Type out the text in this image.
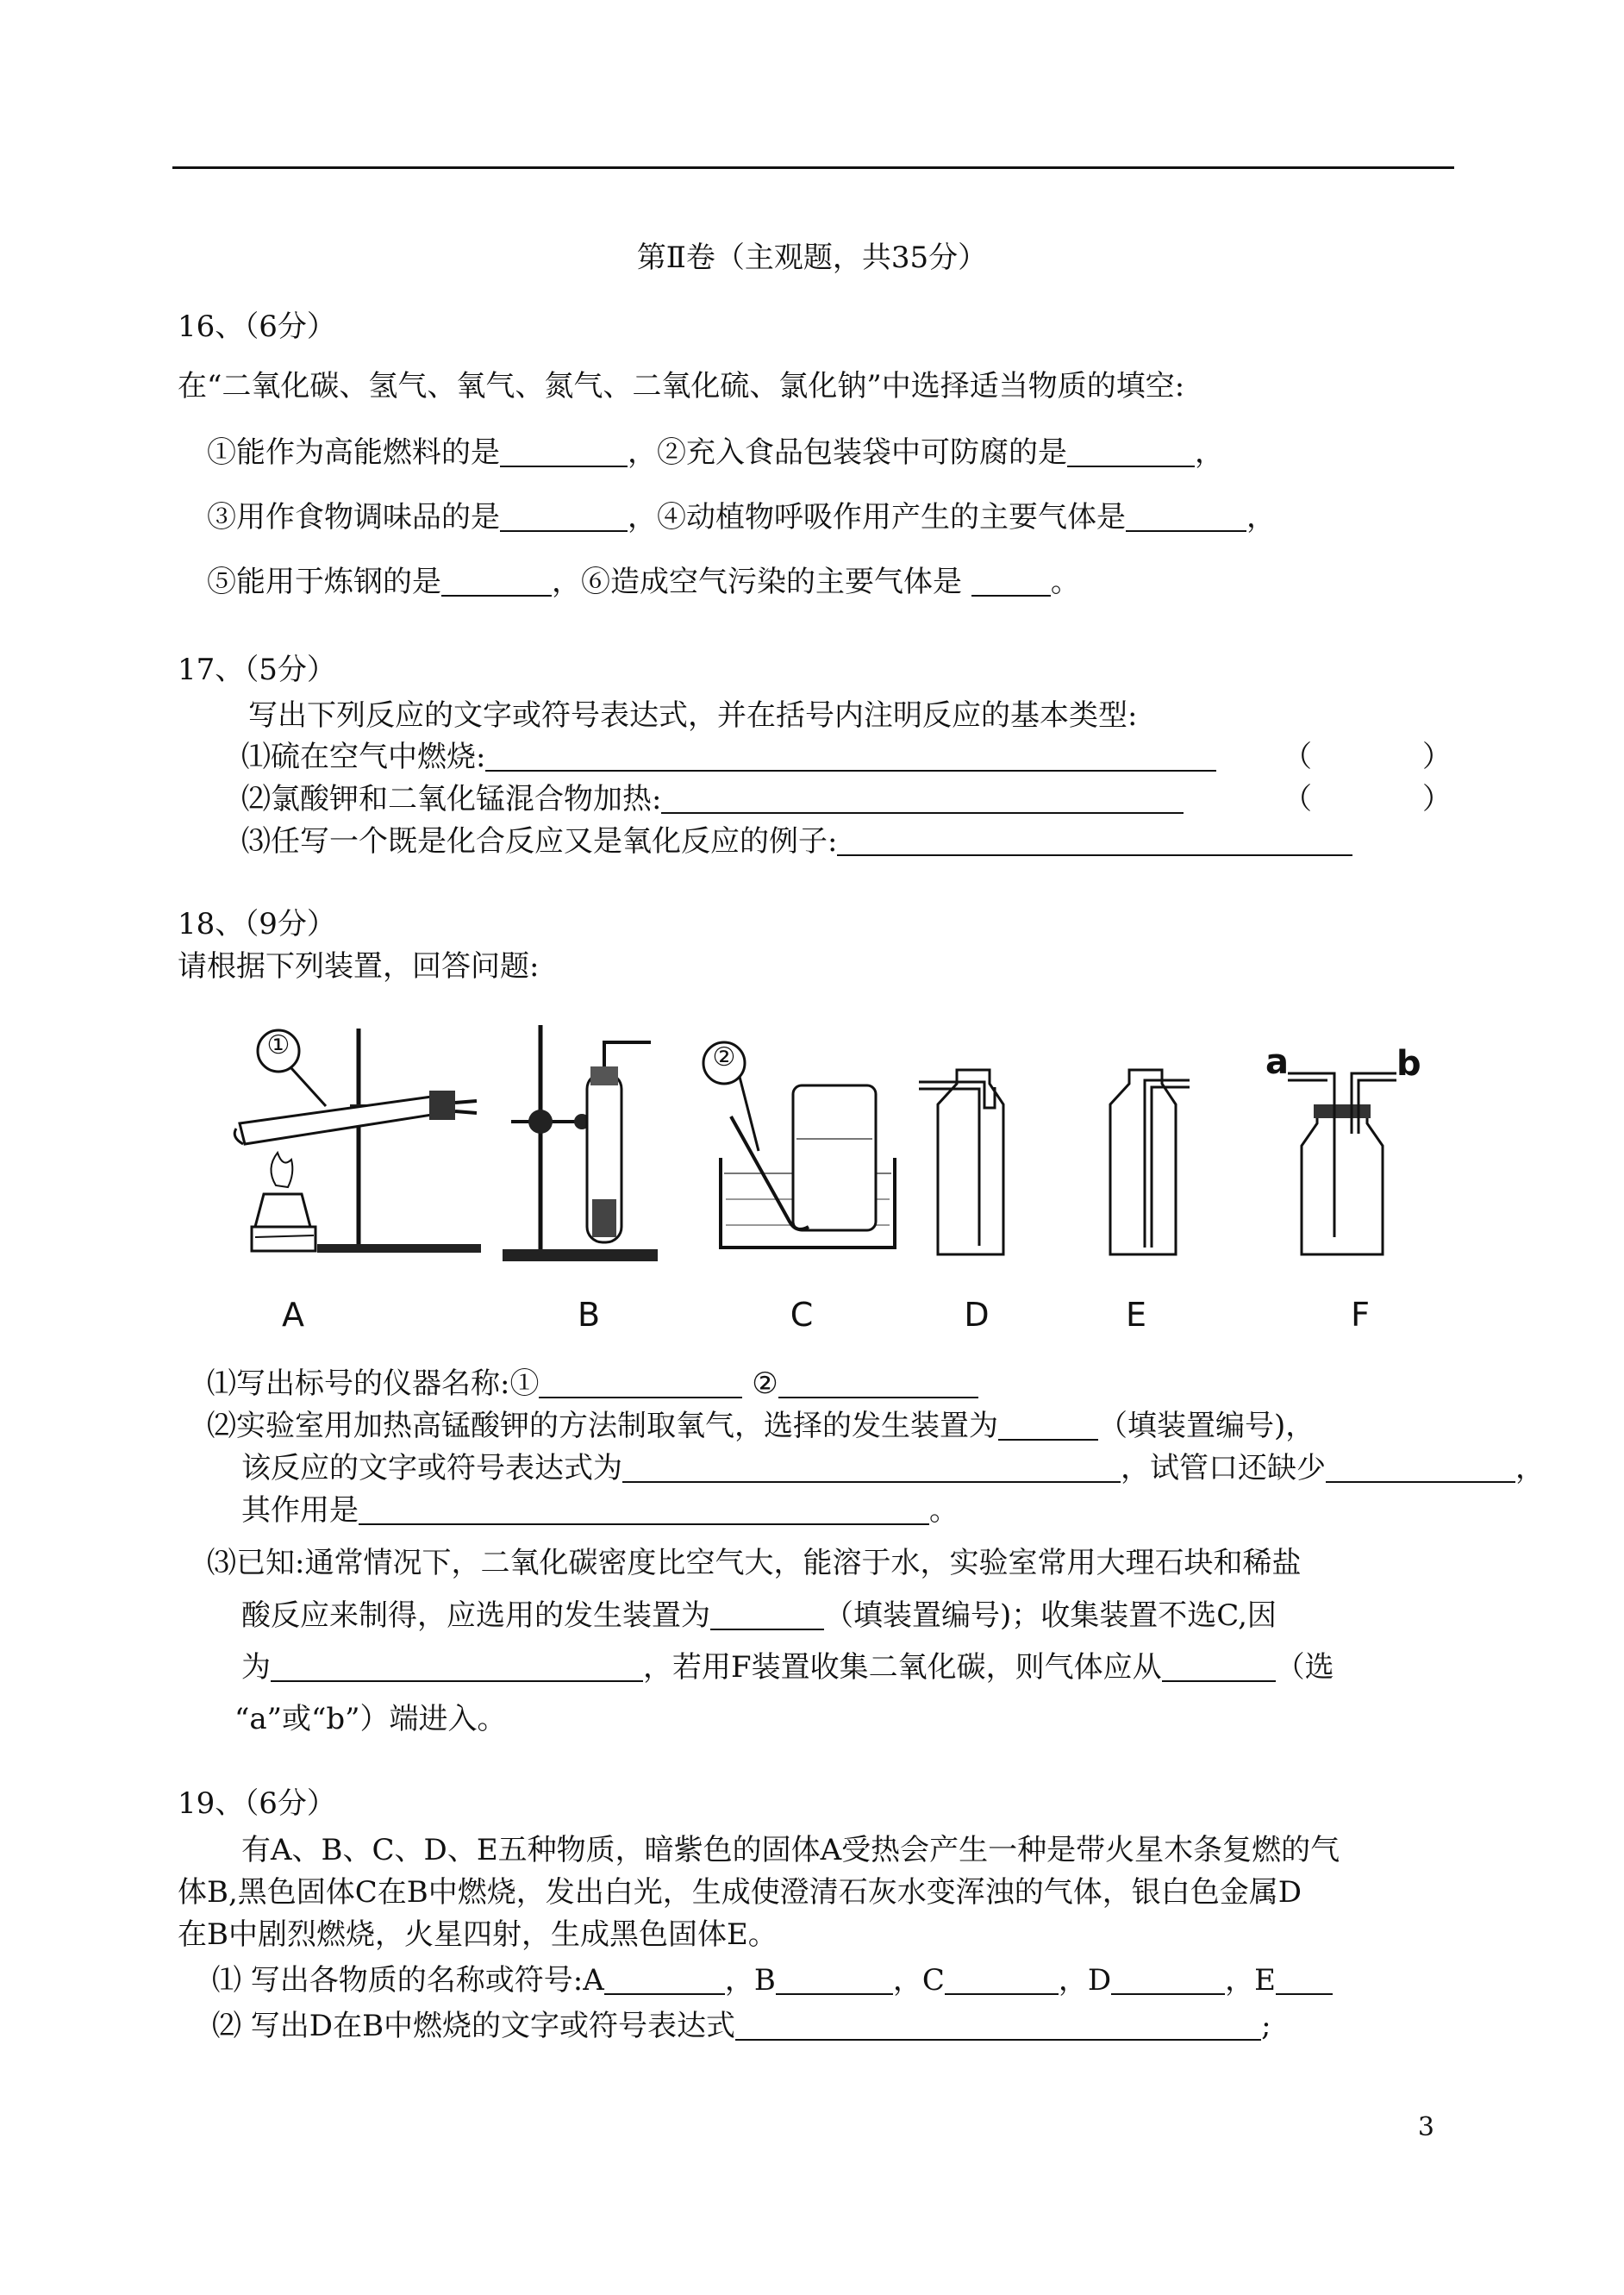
第Ⅱ卷（主观题，共35分）
16、（6分）
在“二氧化碳、氢气、氧气、氮气、二氧化硫、氯化钠”中选择适当物质的填空:
①能作为高能燃料的是	，②充入食品包装袋中可防腐的是	，
③用作食物调味品的是	，④动植物呼吸作用产生的主要气体是	，
⑤能用于炼钢的是	，⑥造成空气污染的主要气体是	。
17、（5分）
写出下列反应的文字或符号表达式，并在括号内注明反应的基本类型:
⑴硫在空气中燃烧:	（	）
⑵氯酸钾和二氧化锰混合物加热:	（	）
⑶任写一个既是化合反应又是氧化反应的例子:
18、（9分）
请根据下列装置，回答问题:
①
A	B
②
C	D	E
a	b
F
⑴写出标号的仪器名称:①	②
⑵实验室用加热高锰酸钾的方法制取氧气，选择的发生装置为	（填装置编号)，
该反应的文字或符号表达式为	，试管口还缺少	，
其作用是	。
⑶已知:通常情况下，二氧化碳密度比空气大，能溶于水，实验室常用大理石块和稀盐
酸反应来制得，应选用的发生装置为	（填装置编号)；收集装置不选C,因
为	，若用F装置收集二氧化碳，则气体应从	（选
“a”或“b”）端进入。
19、（6分）
有A、B、C、D、E五种物质，暗紫色的固体A受热会产生一种是带火星木条复燃的气
体B,黑色固体C在B中燃烧，发出白光，生成使澄清石灰水变浑浊的气体，银白色金属D
在B中剧烈燃烧，火星四射，生成黑色固体E。
⑴ 写出各物质的名称或符号:A	，B	，C	，D	，E
⑵ 写出D在B中燃烧的文字或符号表达式	;
3
